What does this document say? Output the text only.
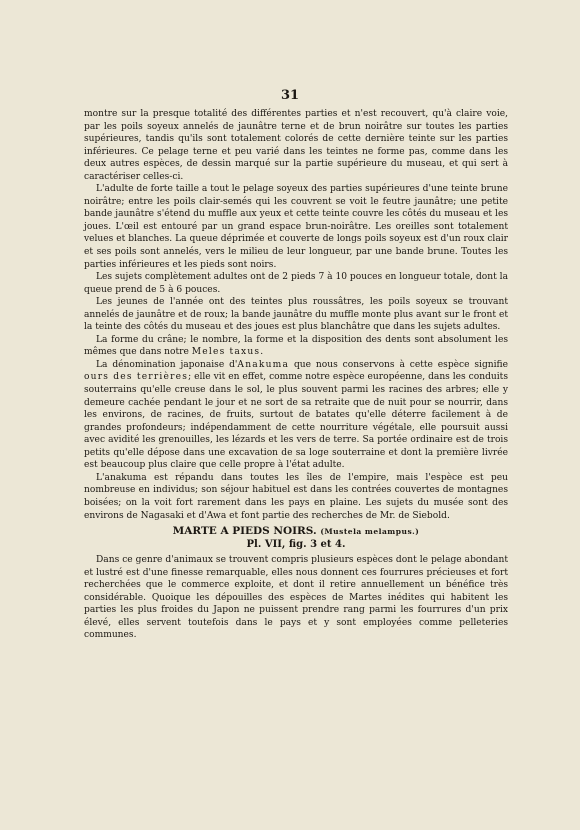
31

montre sur la presque totalité des différentes parties et n'est recouvert, qu'à claire voie, par les poils soyeux annelés de jaunâtre terne et de brun noirâtre sur toutes les parties supérieures, tandis qu'ils sont totalement colorés de cette dernière teinte sur les parties inférieures. Ce pelage terne et peu varié dans les teintes ne forme pas, comme dans les deux autres espèces, de dessin marqué sur la partie supérieure du museau, et qui sert à caractériser celles-ci.

L'adulte de forte taille a tout le pelage soyeux des parties supérieures d'une teinte brune noirâtre; entre les poils clair-semés qui les couvrent se voit le feutre jaunâtre; une petite bande jaunâtre s'étend du muffle aux yeux et cette teinte couvre les côtés du museau et les joues. L'œil est entouré par un grand espace brun-noirâtre. Les oreilles sont totalement velues et blanches. La queue déprimée et couverte de longs poils soyeux est d'un roux clair et ses poils sont annelés, vers le milieu de leur longueur, par une bande brune. Toutes les parties inférieures et les pieds sont noirs.

Les sujets complètement adultes ont de 2 pieds 7 à 10 pouces en longueur totale, dont la queue prend de 5 à 6 pouces.

Les jeunes de l'année ont des teintes plus roussâtres, les poils soyeux se trouvant annelés de jaunâtre et de roux; la bande jaunâtre du muffle monte plus avant sur le front et la teinte des côtés du museau et des joues est plus blanchâtre que dans les sujets adultes.

La forme du crâne; le nombre, la forme et la disposition des dents sont absolument les mêmes que dans notre Meles taxus.

La dénomination japonaise d'Anakuma que nous conservons à cette espèce signifie ours des terrières; elle vit en effet, comme notre espèce européenne, dans les conduits souterrains qu'elle creuse dans le sol, le plus souvent parmi les racines des arbres; elle y demeure cachée pendant le jour et ne sort de sa retraite que de nuit pour se nourrir, dans les environs, de racines, de fruits, surtout de batates qu'elle déterre facilement à de grandes profondeurs; indépendamment de cette nourriture végétale, elle poursuit aussi avec avidité les grenouilles, les lézards et les vers de terre. Sa portée ordinaire est de trois petits qu'elle dépose dans une excavation de sa loge souterraine et dont la première livrée est beaucoup plus claire que celle propre à l'état adulte.

L'anakuma est répandu dans toutes les îles de l'empire, mais l'espèce est peu nombreuse en individus; son séjour habituel est dans les contrées couvertes de montagnes boisées; on la voit fort rarement dans les pays en plaine. Les sujets du musée sont des environs de Nagasaki et d'Awa et font partie des recherches de Mr. de Siebold.

MARTE A PIEDS NOIRS. (Mustela melampus.)
Pl. VII, fig. 3 et 4.

Dans ce genre d'animaux se trouvent compris plusieurs espèces dont le pelage abondant et lustré est d'une finesse remarquable, elles nous donnent ces fourrures précieuses et fort recherchées que le commerce exploite, et dont il retire annuellement un bénéfice très considérable. Quoique les dépouilles des espèces de Martes inédites qui habitent les parties les plus froides du Japon ne puissent prendre rang parmi les fourrures d'un prix élevé, elles servent toutefois dans le pays et y sont employées comme pelleteries communes.
